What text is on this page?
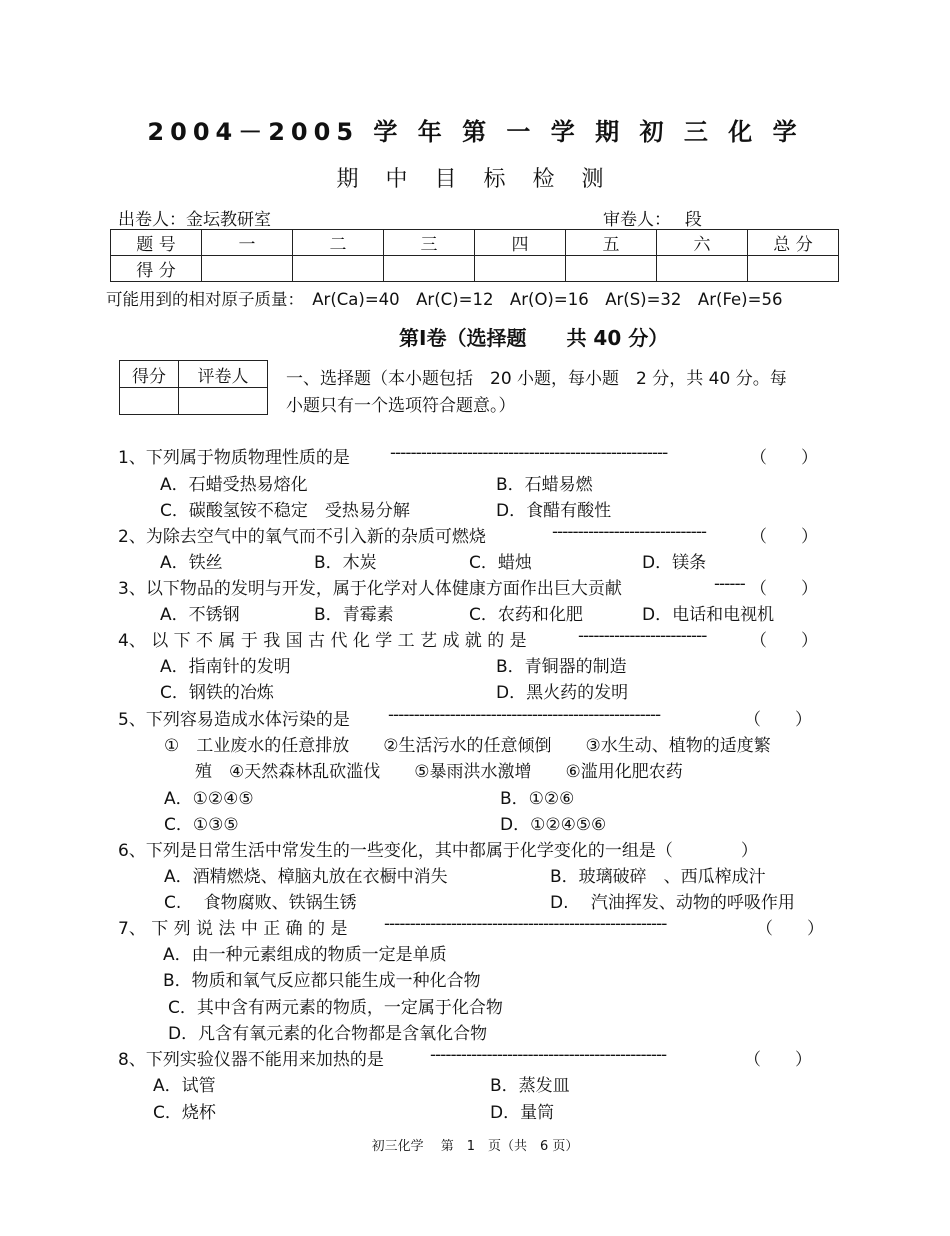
2004－2005 学 年 第 一 学 期 初 三 化 学
期 中 目 标 检 测
出卷人：金坛教研室	审卷人：　 段
题 号	一	二	三	四	五	六	总 分
得 分							
可能用到的相对原子质量：　Ar(Ca)=40　Ar(C)=12　Ar(O)=16　Ar(S)=32　Ar(Fe)=56
第Ⅰ卷（选择题　　共 40 分）
得分	评卷人
	一、选择题（本小题包括　20 小题，每小题　2 分，共 40 分。每
小题只有一个选项符合题意。）
1、下列属于物质物理性质的是 ------------------------------------------------------	（　　）
A．石蜡受热易熔化	B．石蜡易燃
C．碳酸氢铵不稳定　受热易分解	D．食醋有酸性
2、为除去空气中的氧气而不引入新的杂质可燃烧	------------------------------	（　　）
A．铁丝	B．木炭	C．蜡烛	D．镁条
3、以下物品的发明与开发，属于化学对人体健康方面作出巨大贡献	------ （　　）
A．不锈钢	B．青霉素	C．农药和化肥	D．电话和电视机
4、 以 下 不 属 于 我 国 古 代 化 学 工 艺 成 就 的 是	-------------------------	（　　）
A．指南针的发明	B．青铜器的制造
C．钢铁的冶炼	D．黑火药的发明
5、下列容易造成水体污染的是 -----------------------------------------------------	（　　）
①　工业废水的任意排放　　②生活污水的任意倾倒　　③水生动、植物的适度繁
殖　④天然森林乱砍滥伐　　⑤暴雨洪水激增　　⑥滥用化肥农药
A．①②④⑤	B．①②⑥
C．①③⑤	D．①②④⑤⑥
6、下列是日常生活中常发生的一些变化，其中都属于化学变化的一组是（　　　　）
A．酒精燃烧、樟脑丸放在衣橱中消失	B．玻璃破碎　、西瓜榨成汁
C.　 食物腐败、铁锅生锈	D.　 汽油挥发、动物的呼吸作用
7、 下 列 说 法 中 正 确 的 是 -------------------------------------------------------	（　　）
A．由一种元素组成的物质一定是单质
B．物质和氧气反应都只能生成一种化合物
C．其中含有两元素的物质，一定属于化合物
D．凡含有氧元素的化合物都是含氧化合物
8、下列实验仪器不能用来加热的是	----------------------------------------------	（　　）
A．试管	B．蒸发皿
C．烧杯	D．量筒
初三化学　 第　1　页（共　6 页）
